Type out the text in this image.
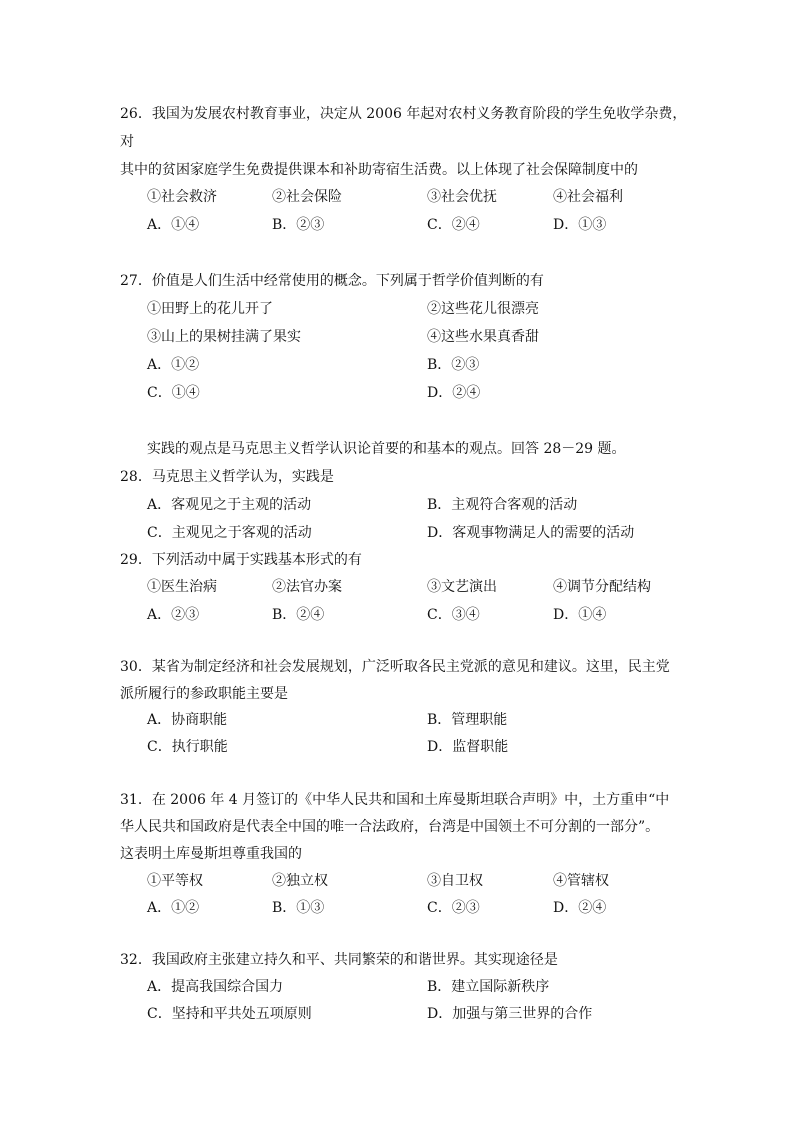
26．我国为发展农村教育事业，决定从 2006 年起对农村义务教育阶段的学生免收学杂费，
对
其中的贫困家庭学生免费提供课本和补助寄宿生活费。以上体现了社会保障制度中的
①社会救济	②社会保险	③社会优抚	④社会福利
A．①④	B．②③	C．②④	D．①③
27．价值是人们生活中经常使用的概念。下列属于哲学价值判断的有
①田野上的花儿开了	②这些花儿很漂亮
③山上的果树挂满了果实	④这些水果真香甜
A．①②	B．②③
C．①④	D．②④
实践的观点是马克思主义哲学认识论首要的和基本的观点。回答 28－29 题。
28．马克思主义哲学认为，实践是
A．客观见之于主观的活动	B．主观符合客观的活动
C．主观见之于客观的活动	D．客观事物满足人的需要的活动
29．下列活动中属于实践基本形式的有
①医生治病	②法官办案	③文艺演出	④调节分配结构
A．②③	B．②④	C．③④	D．①④
30．某省为制定经济和社会发展规划，广泛听取各民主党派的意见和建议。这里，民主党
派所履行的参政职能主要是
A．协商职能	B．管理职能
C．执行职能	D．监督职能
31．在 2006 年 4 月签订的《中华人民共和国和土库曼斯坦联合声明》中，土方重申“中
华人民共和国政府是代表全中国的唯一合法政府，台湾是中国领土不可分割的一部分”。
这表明土库曼斯坦尊重我国的
①平等权	②独立权	③自卫权	④管辖权
A．①②	B．①③	C．②③	D．②④
32．我国政府主张建立持久和平、共同繁荣的和谐世界。其实现途径是
A．提高我国综合国力	B．建立国际新秩序
C．坚持和平共处五项原则	D．加强与第三世界的合作
